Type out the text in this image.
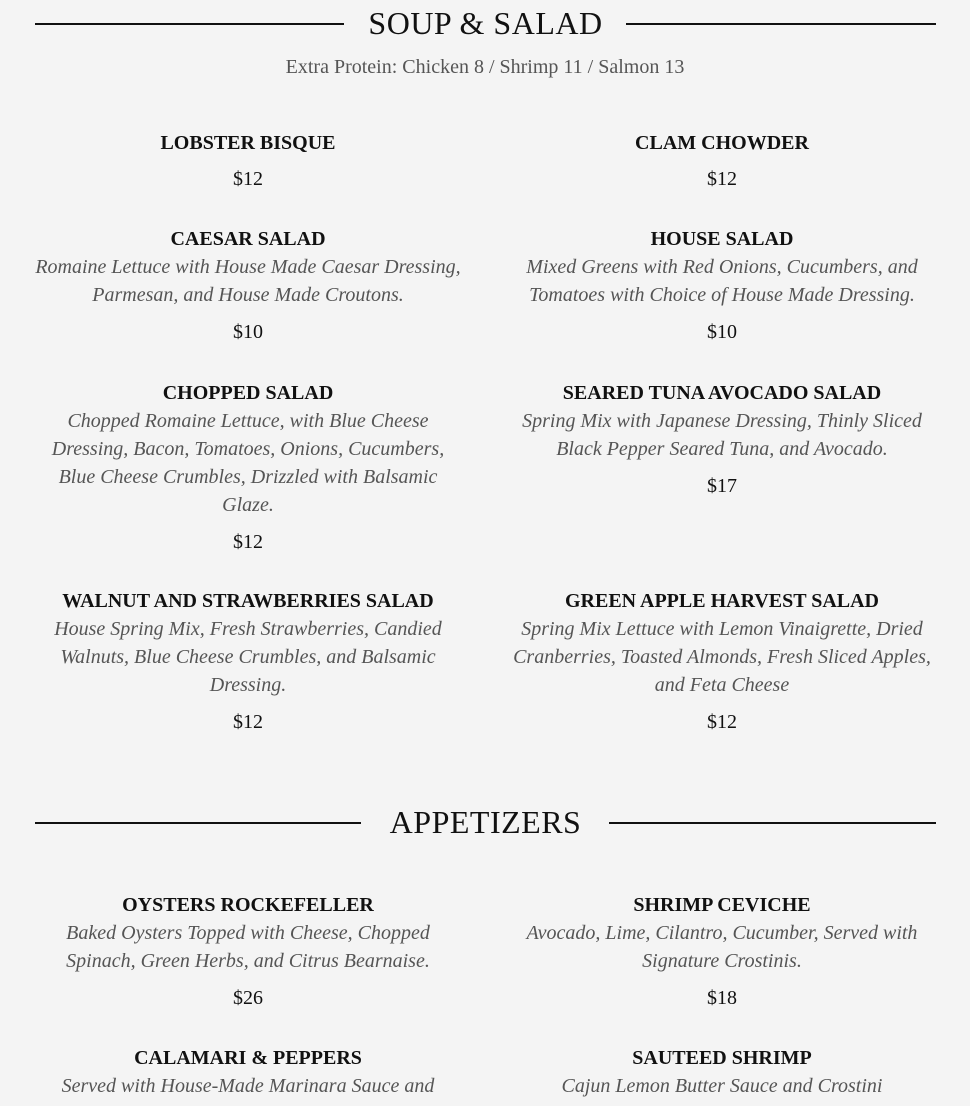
SOUP & SALAD
Extra Protein: Chicken 8 / Shrimp 11 / Salmon 13
LOBSTER BISQUE
$12
CLAM CHOWDER
$12
CAESAR SALAD
Romaine Lettuce with House Made Caesar Dressing, Parmesan, and House Made Croutons.
$10
HOUSE SALAD
Mixed Greens with Red Onions, Cucumbers, and Tomatoes with Choice of House Made Dressing.
$10
CHOPPED SALAD
Chopped Romaine Lettuce, with Blue Cheese Dressing, Bacon, Tomatoes, Onions, Cucumbers, Blue Cheese Crumbles, Drizzled with Balsamic Glaze.
$12
SEARED TUNA AVOCADO SALAD
Spring Mix with Japanese Dressing, Thinly Sliced Black Pepper Seared Tuna, and Avocado.
$17
WALNUT AND STRAWBERRIES SALAD
House Spring Mix, Fresh Strawberries, Candied Walnuts, Blue Cheese Crumbles, and Balsamic Dressing.
$12
GREEN APPLE HARVEST SALAD
Spring Mix Lettuce with Lemon Vinaigrette, Dried Cranberries, Toasted Almonds, Fresh Sliced Apples, and Feta Cheese
$12
APPETIZERS
OYSTERS ROCKEFELLER
Baked Oysters Topped with Cheese, Chopped Spinach, Green Herbs, and Citrus Bearnaise.
$26
SHRIMP CEVICHE
Avocado, Lime, Cilantro, Cucumber, Served with Signature Crostinis.
$18
CALAMARI & PEPPERS
Served with House-Made Marinara Sauce and
SAUTEED SHRIMP
Cajun Lemon Butter Sauce and Crostini
